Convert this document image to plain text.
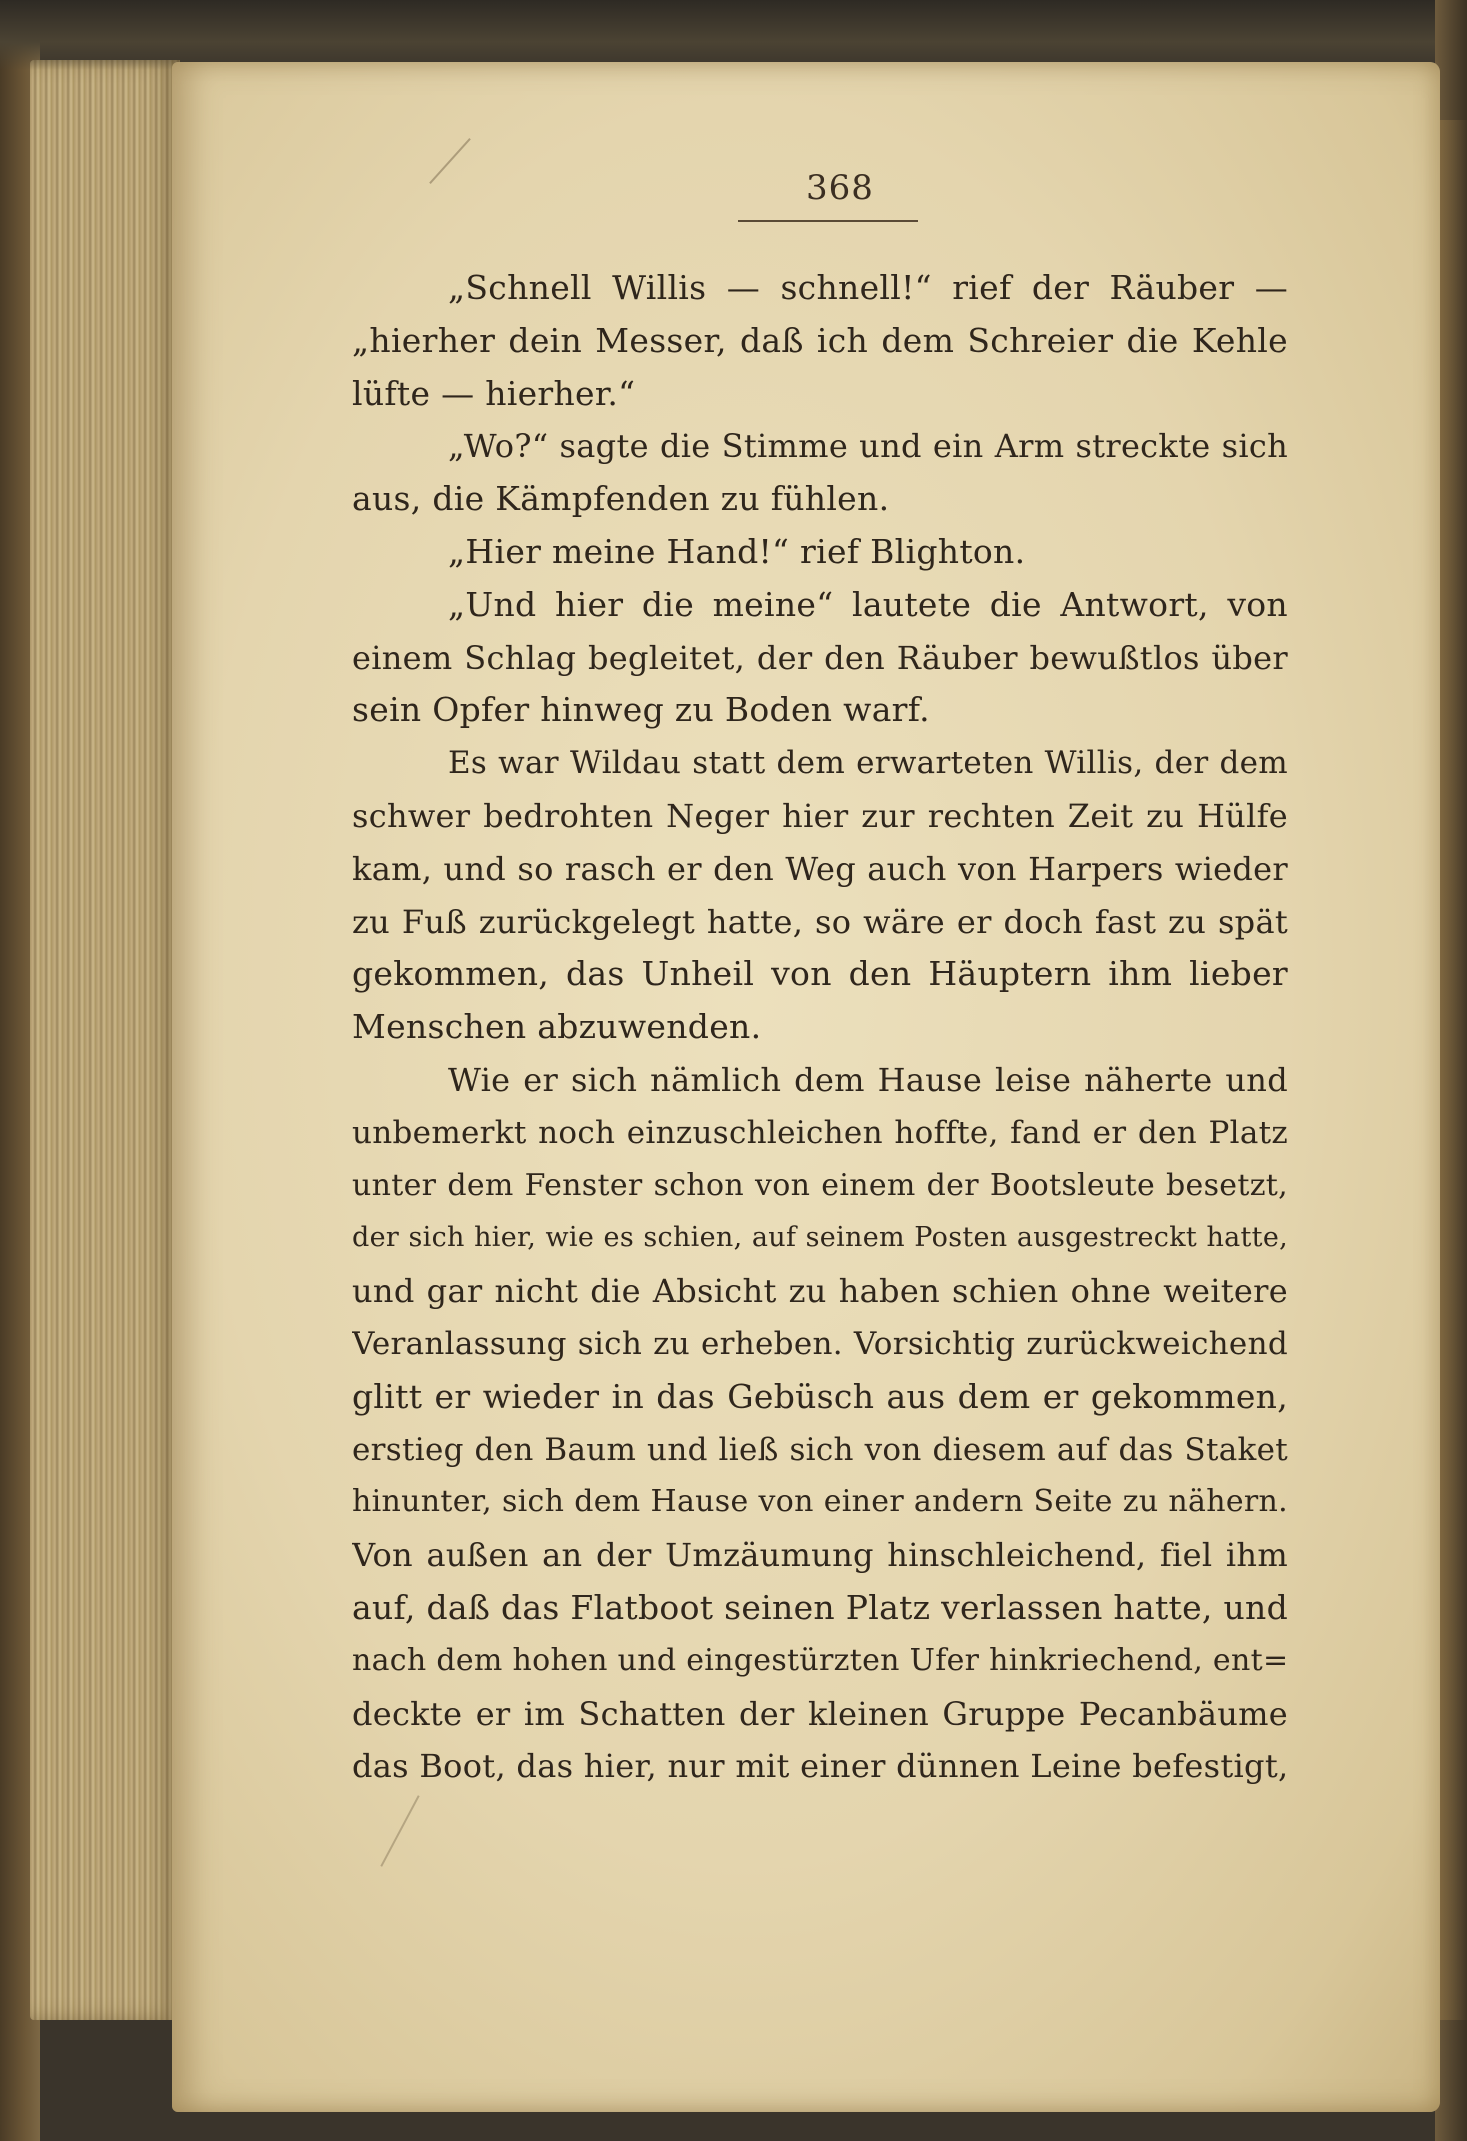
368
„Schnell Willis — schnell!“ rief der Räuber —
„hierher dein Messer, daß ich dem Schreier die Kehle
lüfte — hierher.“
„Wo?“ sagte die Stimme und ein Arm streckte sich
aus, die Kämpfenden zu fühlen.
„Hier meine Hand!“ rief Blighton.
„Und hier die meine“ lautete die Antwort, von
einem Schlag begleitet, der den Räuber bewußtlos über
sein Opfer hinweg zu Boden warf.
Es war Wildau statt dem erwarteten Willis, der dem
schwer bedrohten Neger hier zur rechten Zeit zu Hülfe
kam, und so rasch er den Weg auch von Harpers wieder
zu Fuß zurückgelegt hatte, so wäre er doch fast zu spät
gekommen, das Unheil von den Häuptern ihm lieber
Menschen abzuwenden.
Wie er sich nämlich dem Hause leise näherte und
unbemerkt noch einzuschleichen hoffte, fand er den Platz
unter dem Fenster schon von einem der Bootsleute besetzt,
der sich hier, wie es schien, auf seinem Posten ausgestreckt hatte,
und gar nicht die Absicht zu haben schien ohne weitere
Veranlassung sich zu erheben. Vorsichtig zurückweichend
glitt er wieder in das Gebüsch aus dem er gekommen,
erstieg den Baum und ließ sich von diesem auf das Staket
hinunter, sich dem Hause von einer andern Seite zu nähern.
Von außen an der Umzäumung hinschleichend, fiel ihm
auf, daß das Flatboot seinen Platz verlassen hatte, und
nach dem hohen und eingestürzten Ufer hinkriechend, ent=
deckte er im Schatten der kleinen Gruppe Pecanbäume
das Boot, das hier, nur mit einer dünnen Leine befestigt,
